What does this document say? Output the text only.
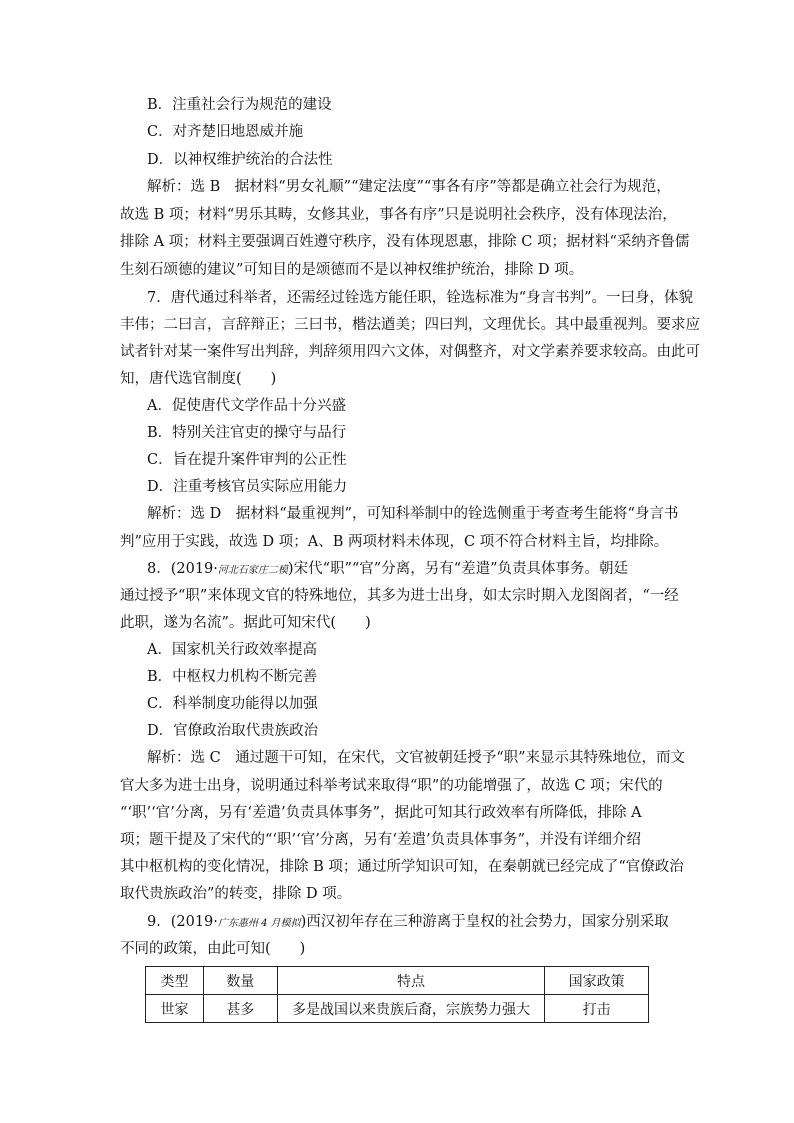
B．注重社会行为规范的建设
C．对齐楚旧地恩威并施
D．以神权维护统治的合法性
解析：选 B　据材料“男女礼顺”“建定法度”“事各有序”等都是确立社会行为规范，
故选 B 项；材料“男乐其畴，女修其业，事各有序”只是说明社会秩序，没有体现法治，
排除 A 项；材料主要强调百姓遵守秩序，没有体现恩惠，排除 C 项；据材料“采纳齐鲁儒
生刻石颂德的建议”可知目的是颂德而不是以神权维护统治，排除 D 项。
7．唐代通过科举者，还需经过铨选方能任职，铨选标准为“身言书判”。一曰身，体貌
丰伟；二曰言，言辞辩正；三曰书，楷法遒美；四曰判，文理优长。其中最重视判。要求应
试者针对某一案件写出判辞，判辞须用四六文体，对偶整齐，对文学素养要求较高。由此可
知，唐代选官制度(　　)
A．促使唐代文学作品十分兴盛
B．特别关注官吏的操守与品行
C．旨在提升案件审判的公正性
D．注重考核官员实际应用能力
解析：选 D　据材料“最重视判”，可知科举制中的铨选侧重于考查考生能将“身言书
判”应用于实践，故选 D 项；A、B 两项材料未体现，C 项不符合材料主旨，均排除。
8．(2019·河北石家庄二模)宋代“职”“官”分离，另有“差遣”负责具体事务。朝廷
通过授予“职”来体现文官的特殊地位，其多为进士出身，如太宗时期入龙图阁者，“一经
此职，遂为名流”。据此可知宋代(　　)
A．国家机关行政效率提高
B．中枢权力机构不断完善
C．科举制度功能得以加强
D．官僚政治取代贵族政治
解析：选 C　通过题干可知，在宋代，文官被朝廷授予“职”来显示其特殊地位，而文
官大多为进士出身，说明通过科举考试来取得“职”的功能增强了，故选 C 项；宋代的
“‘职’‘官’分离，另有‘差遣’负责具体事务”，据此可知其行政效率有所降低，排除 A
项；题干提及了宋代的“‘职’‘官’分离，另有‘差遣’负责具体事务”，并没有详细介绍
其中枢机构的变化情况，排除 B 项；通过所学知识可知，在秦朝就已经完成了“官僚政治
取代贵族政治”的转变，排除 D 项。
9．(2019·广东惠州 4 月模拟)西汉初年存在三种游离于皇权的社会势力，国家分别采取
不同的政策，由此可知(　　)
类型	数量	特点	国家政策
世家	甚多	多是战国以来贵族后裔，宗族势力强大	打击
